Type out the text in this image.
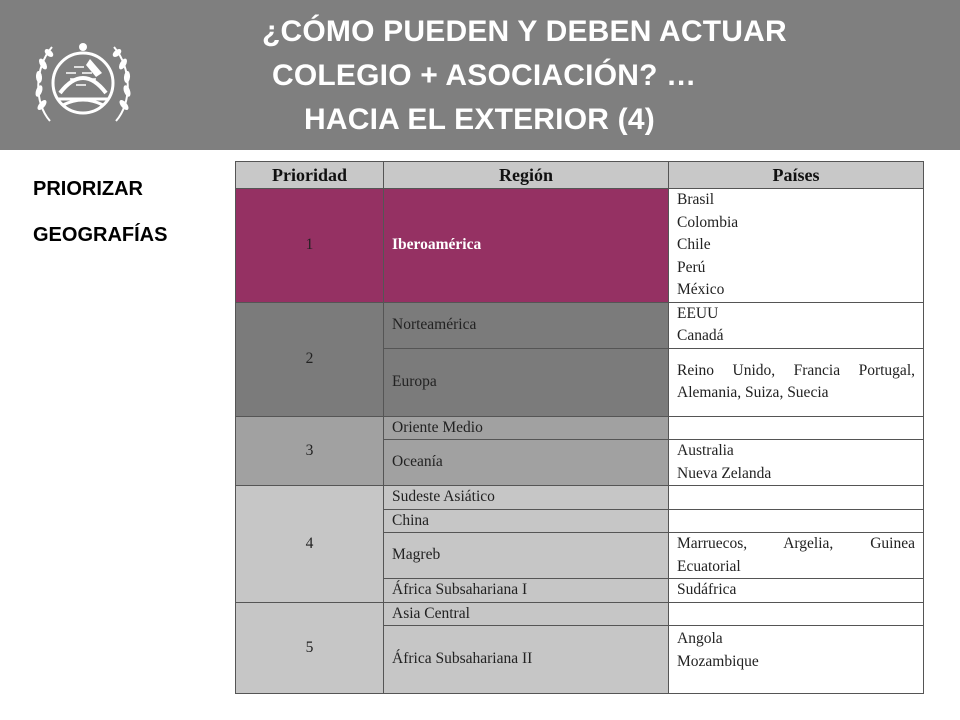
¿CÓMO PUEDEN Y DEBEN ACTUAR
COLEGIO + ASOCIACIÓN? …
HACIA EL EXTERIOR (4)
PRIORIZAR
GEOGRAFÍAS
Prioridad	Región	Países
1	Iberoamérica	Brasil
Colombia
Chile
Perú
México

2	Norteamérica	EEUU
Canadá

	Europa	Reino Unido, Francia Portugal, Alemania, Suiza, Suecia
3	Oriente Medio	
	Oceanía	Australia
Nueva Zelanda

4	Sudeste Asiático	
	China	
	Magreb	Marruecos, Argelia, Guinea Ecuatorial
	África Subsahariana I	Sudáfrica
5	Asia Central	
	África Subsahariana II	Angola
Mozambique
